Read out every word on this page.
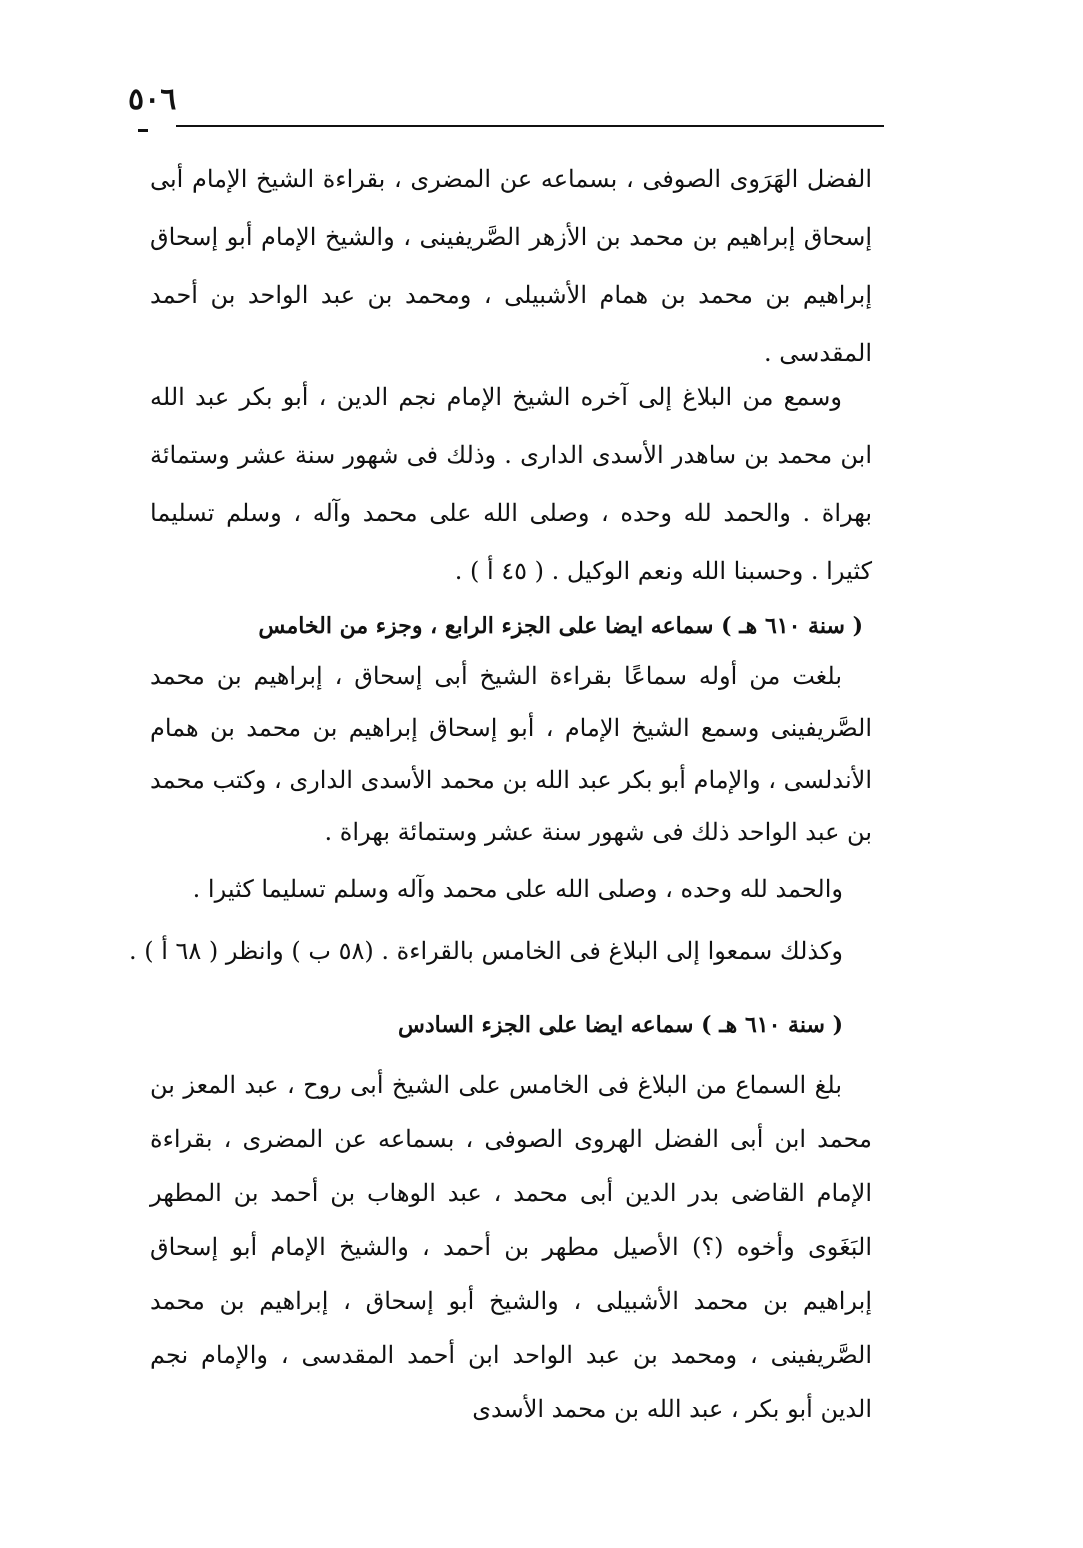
٥٠٦

الفضل الهَرَوى الصوفى ، بسماعه عن المضرى ، بقراءة الشيخ الإمام أبى إسحاق إبراهيم بن محمد بن الأزهر الصَّريفينى ، والشيخ الإمام أبو إسحاق إبراهيم بن محمد بن همام الأشبيلى ، ومحمد بن عبد الواحد بن أحمد المقدسى .

وسمع من البلاغ إلى آخره الشيخ الإمام نجم الدين ، أبو بكر عبد الله ابن محمد بن ساهدر الأسدى الدارى . وذلك فى شهور سنة عشر وستمائة بهراة . والحمد لله وحده ، وصلى الله على محمد وآله ، وسلم تسليما كثيرا . وحسبنا الله ونعم الوكيل . ( ٤٥ أ ) .

( سنة ٦١٠ هـ ) سماعه ايضا على الجزء الرابع ، وجزء من الخامس

بلغت من أوله سماعًا بقراءة الشيخ أبى إسحاق ، إبراهيم بن محمد الصَّريفينى وسمع الشيخ الإمام ، أبو إسحاق إبراهيم بن محمد بن همام الأندلسى ، والإمام أبو بكر عبد الله بن محمد الأسدى الدارى ، وكتب محمد بن عبد الواحد ذلك فى شهور سنة عشر وستمائة بهراة .

والحمد لله وحده ، وصلى الله على محمد وآله وسلم تسليما كثيرا .
وكذلك سمعوا إلى البلاغ فى الخامس بالقراءة . (٥٨ ب ) وانظر ( ٦٨ أ ) .
( سنة ٦١٠ هـ ) سماعه ايضا على الجزء السادس

بلغ السماع من البلاغ فى الخامس على الشيخ أبى روح ، عبد المعز بن محمد ابن أبى الفضل الهروى الصوفى ، بسماعه عن المضرى ، بقراءة الإمام القاضى بدر الدين أبى محمد ، عبد الوهاب بن أحمد بن المطهر البَغَوى وأخوه (؟) الأصيل مطهر بن أحمد ، والشيخ الإمام أبو إسحاق إبراهيم بن محمد الأشبيلى ، والشيخ أبو إسحاق ، إبراهيم بن محمد الصَّريفينى ، ومحمد بن عبد الواحد ابن أحمد المقدسى ، والإمام نجم الدين أبو بكر ، عبد الله بن محمد الأسدى
